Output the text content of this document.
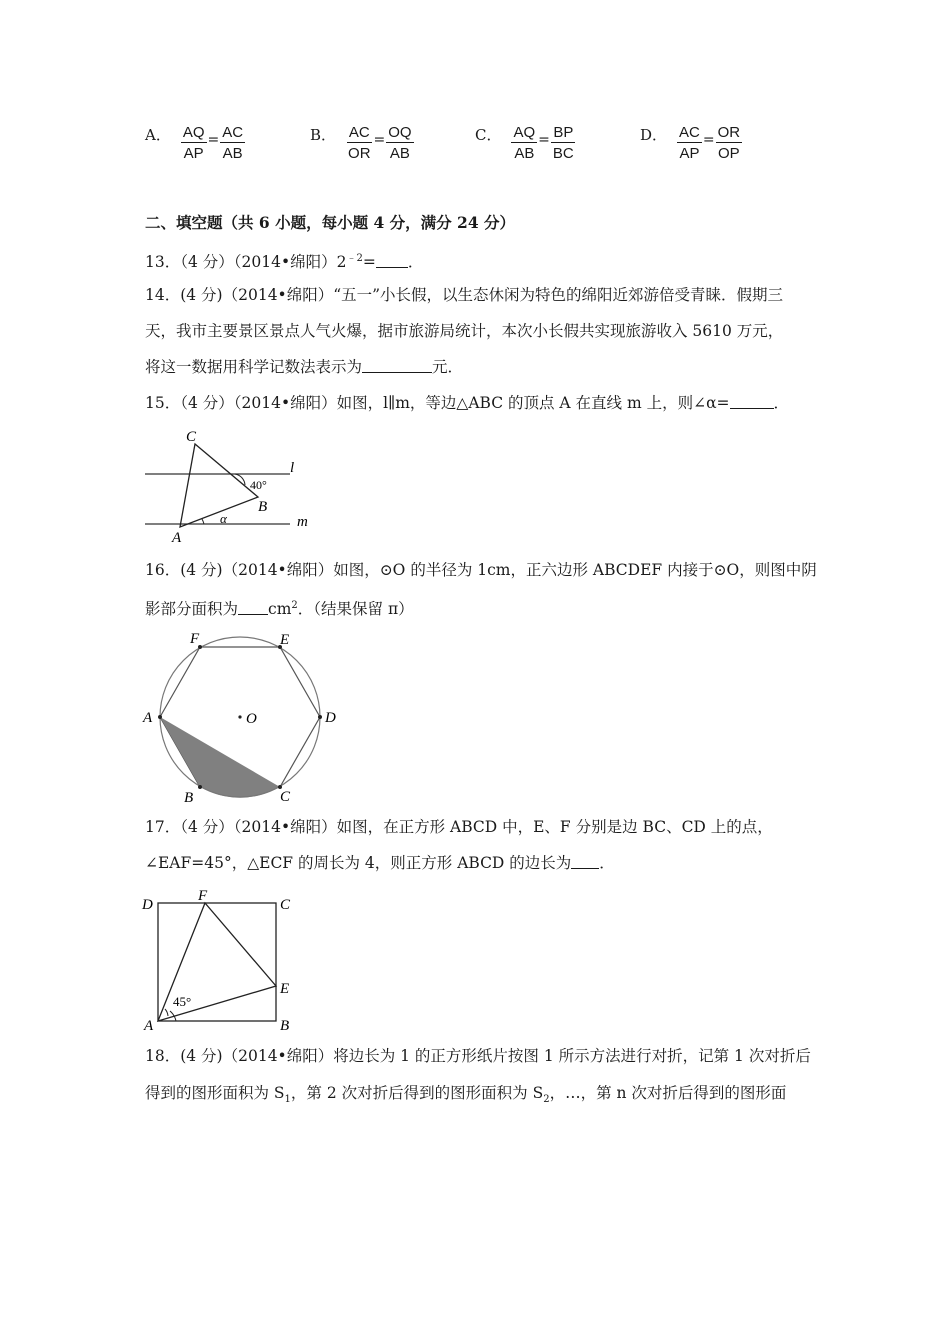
A． $\frac{AQ}{AP} = \frac{AC}{AB}$	B． $\frac{AC}{OR} = \frac{OQ}{AB}$	C． $\frac{AQ}{AB} = \frac{BP}{BC}$	D． $\frac{AC}{AP} = \frac{OR}{OP}$
二、填空题（共 6 小题，每小题 4 分，满分 24 分）
13．（4 分）（2014•绵阳）$2^{﹣2}=$ ．
14．(4 分)（2014•绵阳）“五一”小长假，以生态休闲为特色的绵阳近郊游倍受青睐．假期三
天，我市主要景区景点人气火爆，据市旅游局统计，本次小长假共实现旅游收入 5610 万元，
将这一数据用科学记数法表示为	元．
15．（4 分）（2014•绵阳）如图，l∥m，等边△ABC 的顶点 A 在直线 m 上，则∠α=	．
C
B
A
l
m
40°
α
16．(4 分)（2014•绵阳）如图，⊙O 的半径为 1cm，正六边形 ABCDEF 内接于⊙O，则图中阴
影部分面积为 $cm^2$．（结果保留 π）
F	E
A	O	D
B	C
17．（4 分）（2014•绵阳）如图，在正方形 ABCD 中，E、F 分别是边 BC、CD 上的点，
∠EAF=45°，△ECF 的周长为 4，则正方形 ABCD 的边长为 ．
D
F
C
E
A	B
45°
18．(4 分)（2014•绵阳）将边长为 1 的正方形纸片按图 1 所示方法进行对折，记第 1 次对折后
得到的图形面积为 $S_1$，第 2 次对折后得到的图形面积为 $S_2$，…，第 n 次对折后得到的图形面
